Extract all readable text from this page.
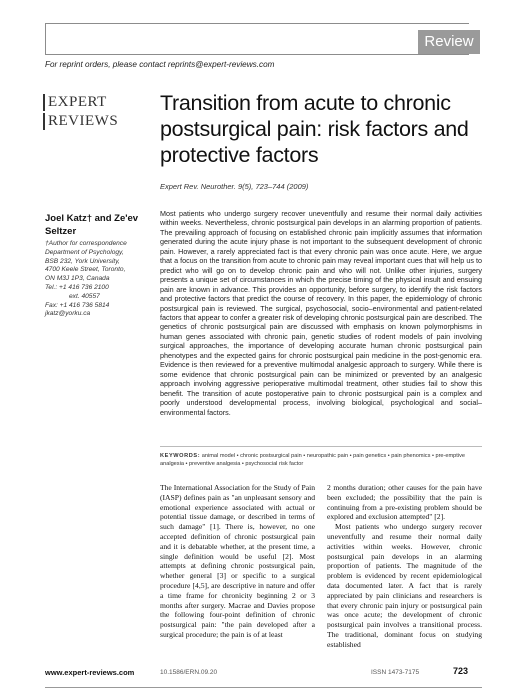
Review
For reprint orders, please contact reprints@expert-reviews.com
EXPERT
REVIEWS
Transition from acute to chronic postsurgical pain: risk factors and protective factors
Expert Rev. Neurother. 9(5), 723–744 (2009)
Joel Katz† and Ze'ev Seltzer
†Author for correspondence
Department of Psychology,
BSB 232, York University,
4700 Keele Street, Toronto,
ON M3J 1P3, Canada
Tel.: +1 416 736 2100
ext. 40557
Fax: +1 416 736 5814
jkatz@yorku.ca
Most patients who undergo surgery recover uneventfully and resume their normal daily activities within weeks. Nevertheless, chronic postsurgical pain develops in an alarming proportion of patients. The prevailing approach of focusing on established chronic pain implicitly assumes that information generated during the acute injury phase is not important to the subsequent development of chronic pain. However, a rarely appreciated fact is that every chronic pain was once acute. Here, we argue that a focus on the transition from acute to chronic pain may reveal important cues that will help us to predict who will go on to develop chronic pain and who will not. Unlike other injuries, surgery presents a unique set of circumstances in which the precise timing of the physical insult and ensuing pain are known in advance. This provides an opportunity, before surgery, to identify the risk factors and protective factors that predict the course of recovery. In this paper, the epidemiology of chronic postsurgical pain is reviewed. The surgical, psychosocial, socio–environmental and patient-related factors that appear to confer a greater risk of developing chronic postsurgical pain are described. The genetics of chronic postsurgical pain are discussed with emphasis on known polymorphisms in human genes associated with chronic pain, genetic studies of rodent models of pain involving surgical approaches, the importance of developing accurate human chronic postsurgical pain phenotypes and the expected gains for chronic postsurgical pain medicine in the post-genomic era. Evidence is then reviewed for a preventive multimodal analgesic approach to surgery. While there is some evidence that chronic postsurgical pain can be minimized or prevented by an analgesic approach involving aggressive perioperative multimodal treatment, other studies fail to show this benefit. The transition of acute postoperative pain to chronic postsurgical pain is a complex and poorly understood developmental process, involving biological, psychological and social–environmental factors.
KEYWORDS: animal model • chronic postsurgical pain • neuropathic pain • pain genetics • pain phenomics • pre-emptive analgesia • preventive analgesia • psychosocial risk factor

The International Association for the Study of Pain (IASP) defines pain as "an unpleasant sensory and emotional experience associated with actual or potential tissue damage, or described in terms of such damage" [1]. There is, however, no one accepted definition of chronic postsurgical pain and it is debatable whether, at the present time, a single definition would be useful [2]. Most attempts at defining chronic postsurgical pain, whether general [3] or specific to a surgical procedure [4,5], are descriptive in nature and offer a time frame for chronicity beginning 2 or 3 months after surgery. Macrae and Davies propose the following four-point definition of chronic postsurgical pain: "the pain developed after a surgical procedure; the pain is of at least

2 months duration; other causes for the pain have been excluded; the possibility that the pain is continuing from a pre-existing problem should be explored and exclusion attempted" [2].

Most patients who undergo surgery recover uneventfully and resume their normal daily activities within weeks. However, chronic postsurgical pain develops in an alarming proportion of patients. The magnitude of the problem is evidenced by recent epidemiological data documented later. A fact that is rarely appreciated by pain clinicians and researchers is that every chronic pain injury or postsurgical pain was once acute; the development of chronic postsurgical pain involves a transitional process. The traditional, dominant focus on studying established

www.expert-reviews.com	10.1586/ERN.09.20	ISSN 1473-7175	723
